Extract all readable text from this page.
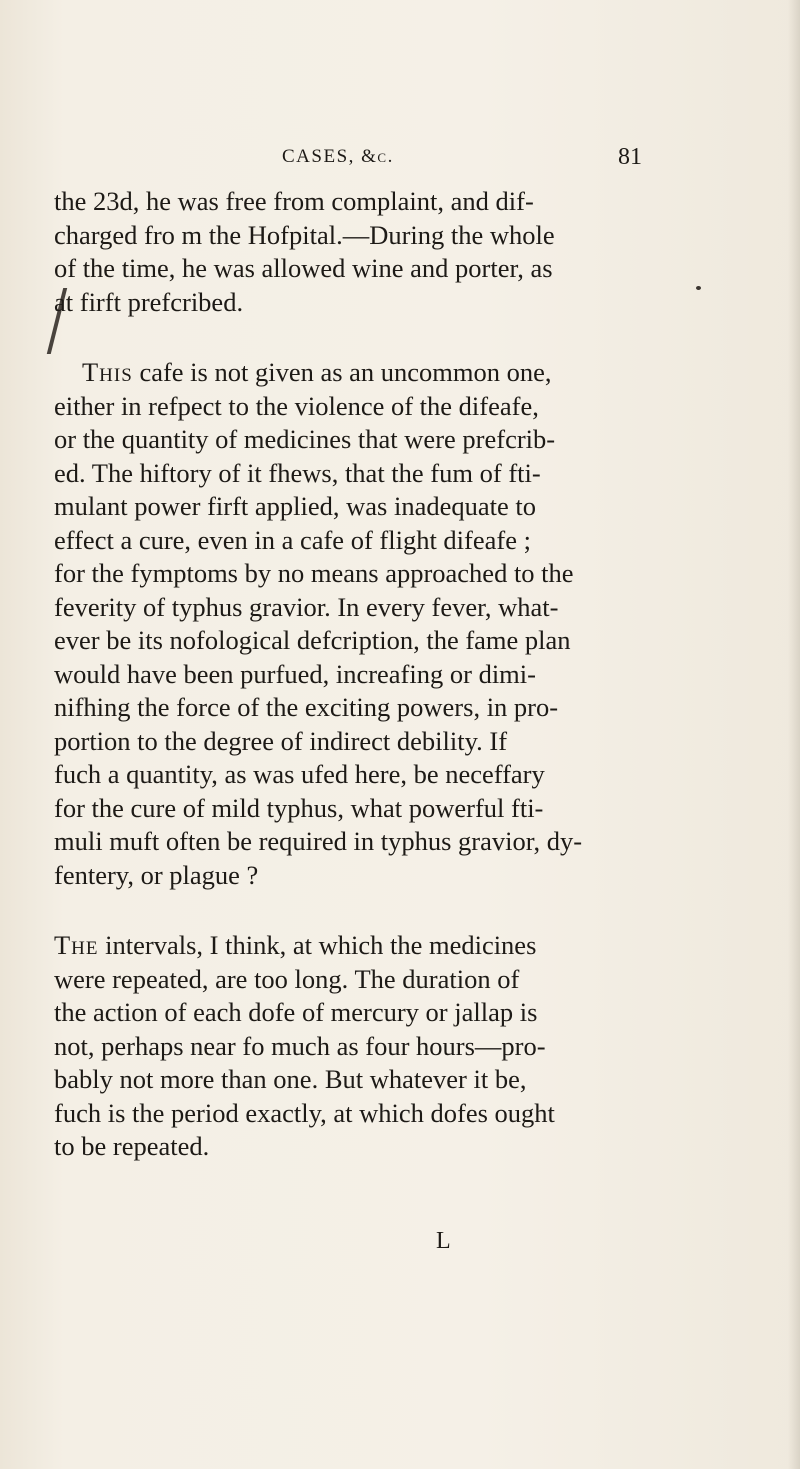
CASES, &c.	81

the 23d, he was free from complaint, and dif-
charged fro m the Hofpital.—During the whole
of the time, he was allowed wine and porter, as
at firft prefcribed.

This cafe is not given as an uncommon one,
either in refpect to the violence of the difeafe,
or the quantity of medicines that were prefcrib-
ed. The hiftory of it fhews, that the fum of fti-
mulant power firft applied, was inadequate to
effect a cure, even in a cafe of flight difeafe ;
for the fymptoms by no means approached to the
feverity of typhus gravior. In every fever, what-
ever be its nofological defcription, the fame plan
would have been purfued, increafing or dimi-
nifhing the force of the exciting powers, in pro-
portion to the degree of indirect debility. If
fuch a quantity, as was ufed here, be neceffary
for the cure of mild typhus, what powerful fti-
muli muft often be required in typhus gravior, dy-
fentery, or plague ?

The intervals, I think, at which the medicines
were repeated, are too long. The duration of
the action of each dofe of mercury or jallap is
not, perhaps near fo much as four hours—pro-
bably not more than one. But whatever it be,
fuch is the period exactly, at which dofes ought
to be repeated.

L
